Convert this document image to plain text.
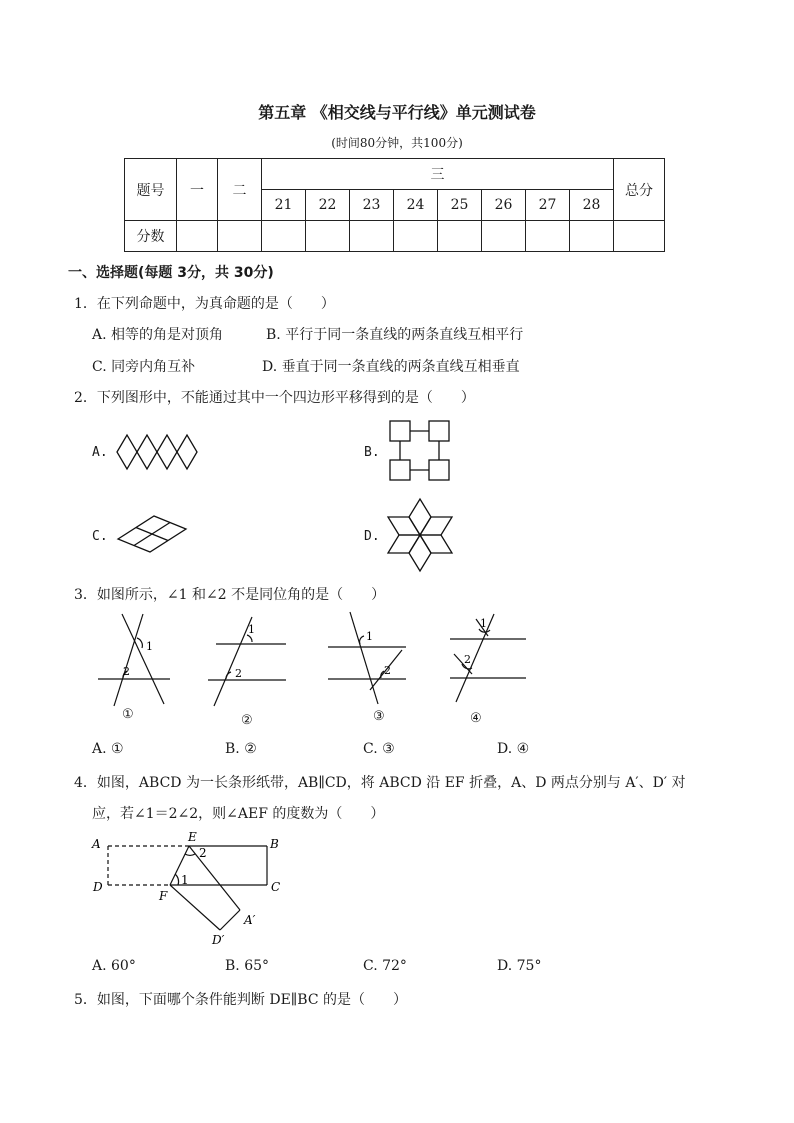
第五章 《相交线与平行线》单元测试卷
(时间80分钟，共100分)
题号	一	二	三								总分
			21	22	23	24	25	26	27	28	
分数											
一、选择题(每题 3分，共 30分)
1．在下列命题中，为真命题的是（　　）
A. 相等的角是对顶角	B. 平行于同一条直线的两条直线互相平行
C. 同旁内角互补	D. 垂直于同一条直线的两条直线互相垂直
2．下列图形中，不能通过其中一个四边形平移得到的是（　　）
A.	B.
C.	D.
3．如图所示，∠1 和∠2 不是同位角的是（　　）
1
2
1
2
1
2
1
2
①	②	③	④
A. ①	B. ②	C. ③	D. ④
4．如图，ABCD 为一长条形纸带，AB∥CD，将 ABCD 沿 EF 折叠，A、D 两点分别与 A′、D′ 对
应，若∠1＝2∠2，则∠AEF 的度数为（　　）
A	B
C
D
E
F
A′
D′
2
1
A. 60°	B. 65°	C. 72°	D. 75°
5．如图，下面哪个条件能判断 DE∥BC 的是（　　）
